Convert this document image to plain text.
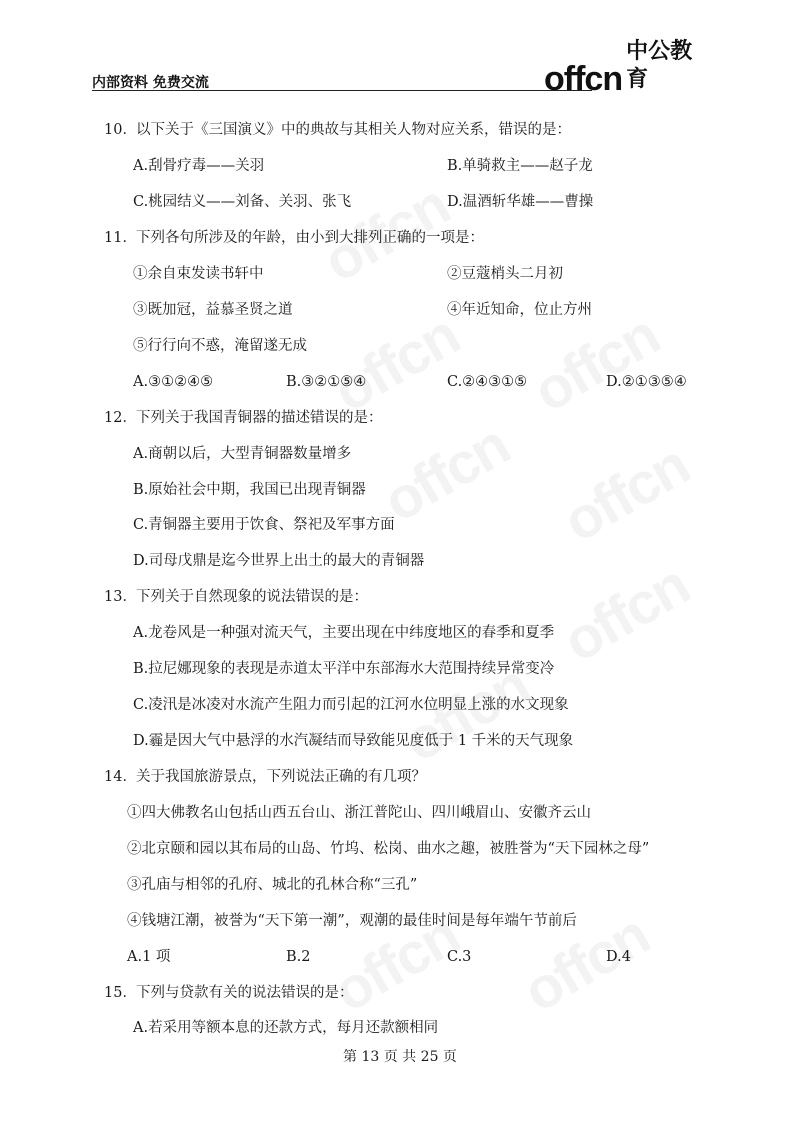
内部资料 免费交流	offcn
中公教育
10． 以下关于《三国演义》中的典故与其相关人物对应关系，错误的是：
A.刮骨疗毒——关羽	B.单骑救主——赵子龙
C.桃园结义——刘备、关羽、张飞	D.温酒斩华雄——曹操
11． 下列各句所涉及的年龄，由小到大排列正确的一项是：
①余自束发读书轩中	②豆蔻梢头二月初
③既加冠，益慕圣贤之道	④年近知命，位止方州
⑤行行向不惑，淹留遂无成
A.③①②④⑤	B.③②①⑤④	C.②④③①⑤	D.②①③⑤④
12． 下列关于我国青铜器的描述错误的是：
A.商朝以后，大型青铜器数量增多
B.原始社会中期，我国已出现青铜器
C.青铜器主要用于饮食、祭祀及军事方面
D.司母戊鼎是迄今世界上出土的最大的青铜器
13． 下列关于自然现象的说法错误的是：
A.龙卷风是一种强对流天气，主要出现在中纬度地区的春季和夏季
B.拉尼娜现象的表现是赤道太平洋中东部海水大范围持续异常变冷
C.凌汛是冰凌对水流产生阻力而引起的江河水位明显上涨的水文现象
D.霾是因大气中悬浮的水汽凝结而导致能见度低于 1 千米的天气现象
14． 关于我国旅游景点，下列说法正确的有几项？
①四大佛教名山包括山西五台山、浙江普陀山、四川峨眉山、安徽齐云山
②北京颐和园以其布局的山岛、竹坞、松岗、曲水之趣，被胜誉为“天下园林之母”
③孔庙与相邻的孔府、城北的孔林合称“三孔”
④钱塘江潮，被誉为“天下第一潮”，观潮的最佳时间是每年端午节前后
A.1 项	B.2	C.3	D.4
15． 下列与贷款有关的说法错误的是：
A.若采用等额本息的还款方式，每月还款额相同
第 13 页 共 25 页
